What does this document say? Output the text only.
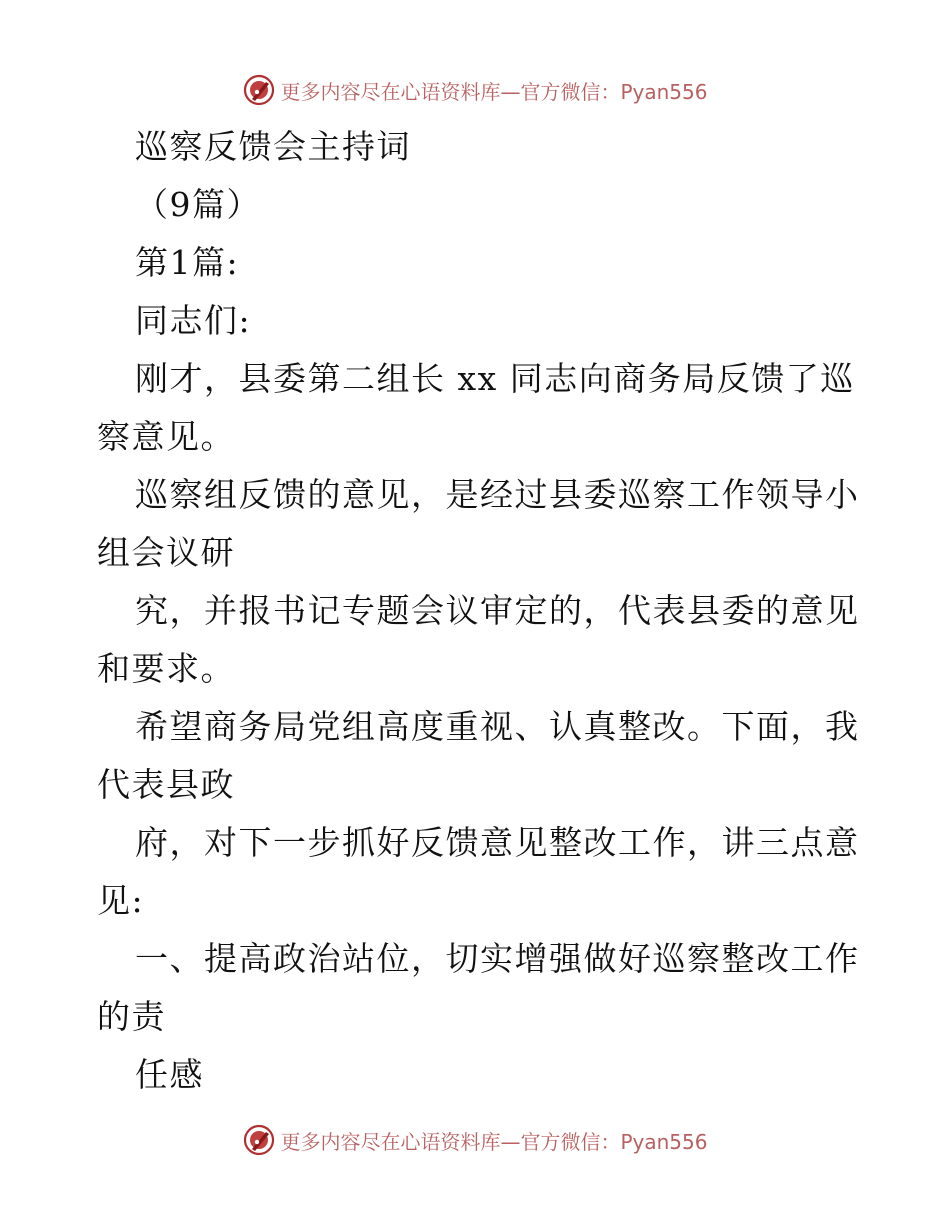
更多内容尽在心语资料库—官方微信：Pyan556
巡察反馈会主持词
（9篇）
第1篇:
同志们:
刚才，县委第二组长 xx 同志向商务局反馈了巡
察意见。
巡察组反馈的意见，是经过县委巡察工作领导小
组会议研
究，并报书记专题会议审定的，代表县委的意见
和要求。
希望商务局党组高度重视、认真整改。下面，我
代表县政
府，对下一步抓好反馈意见整改工作，讲三点意
见:
一、提高政治站位，切实增强做好巡察整改工作
的责
任感
更多内容尽在心语资料库—官方微信：Pyan556
